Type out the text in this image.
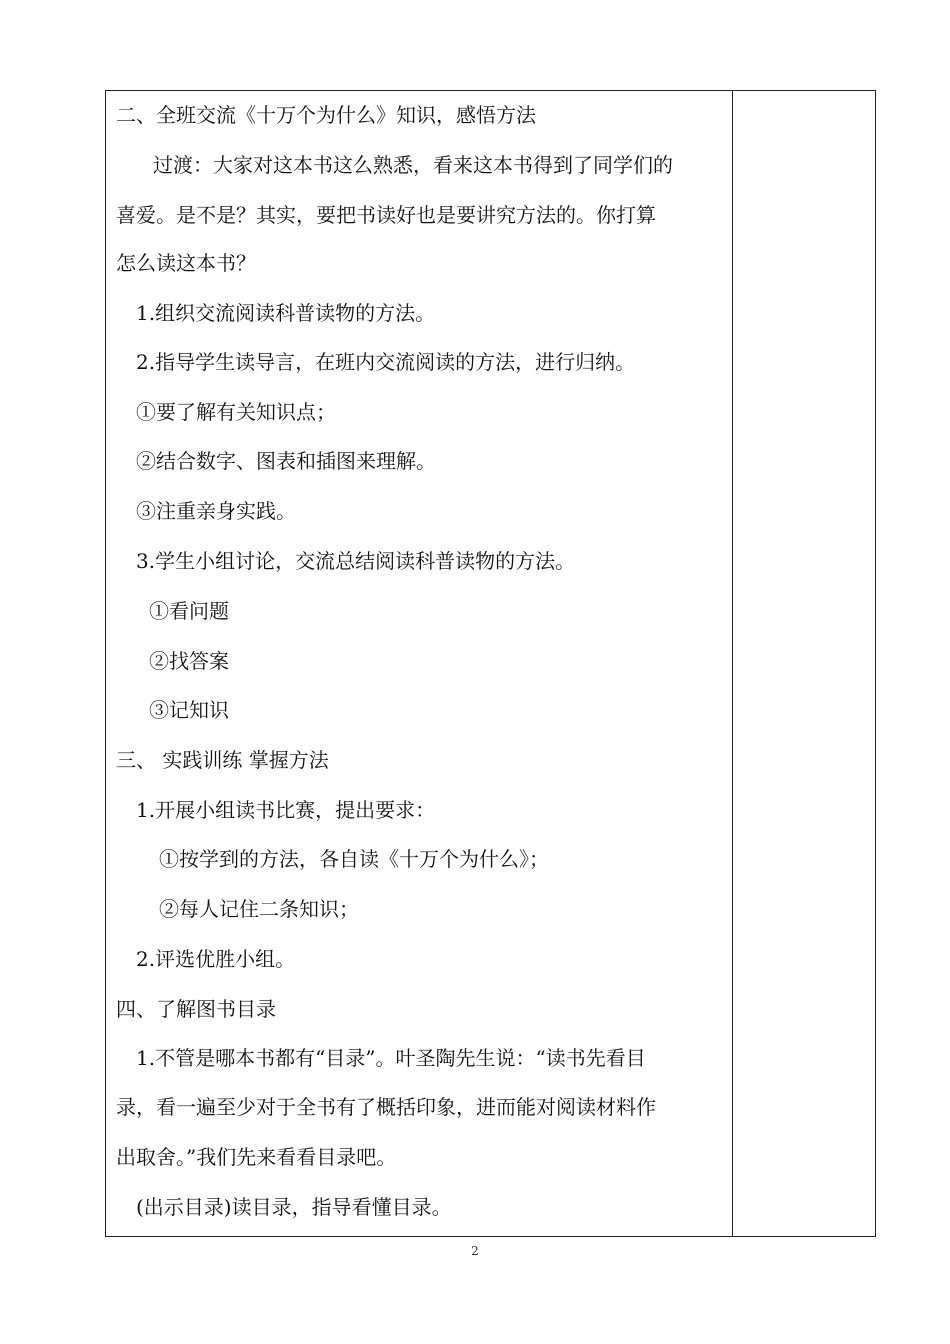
二、全班交流《十万个为什么》知识，感悟方法
过渡：大家对这本书这么熟悉，看来这本书得到了同学们的
喜爱。是不是？其实，要把书读好也是要讲究方法的。你打算
怎么读这本书？
1.组织交流阅读科普读物的方法。
2.指导学生读导言，在班内交流阅读的方法，进行归纳。
①要了解有关知识点；
②结合数字、图表和插图来理解。
③注重亲身实践。
3.学生小组讨论，交流总结阅读科普读物的方法。
①看问题
②找答案
③记知识
三、 实践训练 掌握方法
1.开展小组读书比赛，提出要求：
①按学到的方法，各自读《十万个为什么》；
②每人记住二条知识；
2.评选优胜小组。
四、了解图书目录
1.不管是哪本书都有“目录”。叶圣陶先生说：“读书先看目
录，看一遍至少对于全书有了概括印象，进而能对阅读材料作
出取舍。”我们先来看看目录吧。
(出示目录)读目录，指导看懂目录。
2
